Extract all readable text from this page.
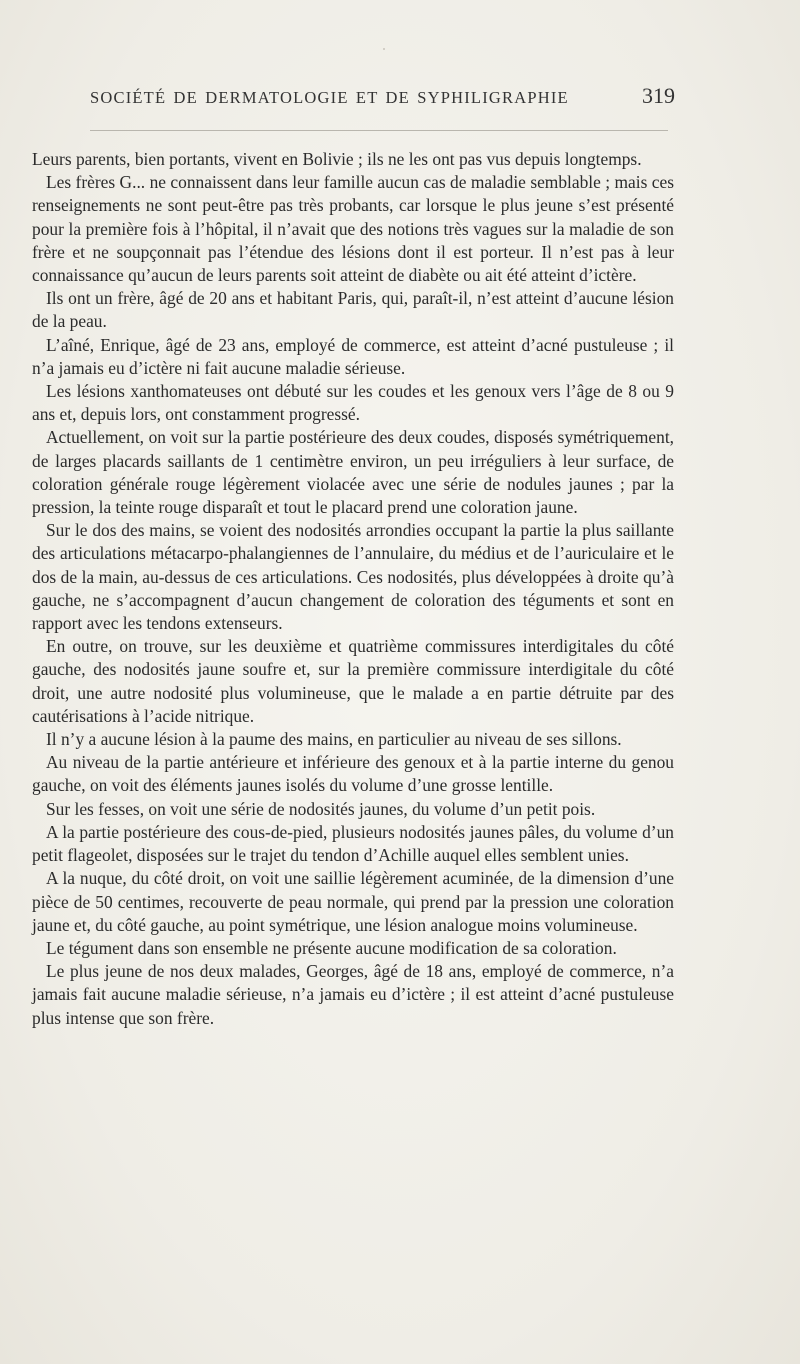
SOCIÉTÉ DE DERMATOLOGIE ET DE SYPHILIGRAPHIE	319

Leurs parents, bien portants, vivent en Bolivie ; ils ne les ont pas vus depuis longtemps.

Les frères G... ne connaissent dans leur famille aucun cas de maladie semblable ; mais ces renseignements ne sont peut-être pas très probants, car lorsque le plus jeune s’est présenté pour la première fois à l’hôpital, il n’avait que des notions très vagues sur la maladie de son frère et ne soupçonnait pas l’étendue des lésions dont il est porteur. Il n’est pas à leur connaissance qu’aucun de leurs parents soit atteint de diabète ou ait été atteint d’ictère.

Ils ont un frère, âgé de 20 ans et habitant Paris, qui, paraît-il, n’est atteint d’aucune lésion de la peau.

L’aîné, Enrique, âgé de 23 ans, employé de commerce, est atteint d’acné pustuleuse ; il n’a jamais eu d’ictère ni fait aucune maladie sérieuse.

Les lésions xanthomateuses ont débuté sur les coudes et les genoux vers l’âge de 8 ou 9 ans et, depuis lors, ont constamment progressé.

Actuellement, on voit sur la partie postérieure des deux coudes, disposés symétriquement, de larges placards saillants de 1 centimètre environ, un peu irréguliers à leur surface, de coloration générale rouge légèrement violacée avec une série de nodules jaunes ; par la pression, la teinte rouge disparaît et tout le placard prend une coloration jaune.

Sur le dos des mains, se voient des nodosités arrondies occupant la partie la plus saillante des articulations métacarpo-phalangiennes de l’annulaire, du médius et de l’auriculaire et le dos de la main, au-dessus de ces articulations. Ces nodosités, plus développées à droite qu’à gauche, ne s’accompagnent d’aucun changement de coloration des téguments et sont en rapport avec les tendons extenseurs.

En outre, on trouve, sur les deuxième et quatrième commissures interdigitales du côté gauche, des nodosités jaune soufre et, sur la première commissure interdigitale du côté droit, une autre nodosité plus volumineuse, que le malade a en partie détruite par des cautérisations à l’acide nitrique.

Il n’y a aucune lésion à la paume des mains, en particulier au niveau de ses sillons.

Au niveau de la partie antérieure et inférieure des genoux et à la partie interne du genou gauche, on voit des éléments jaunes isolés du volume d’une grosse lentille.

Sur les fesses, on voit une série de nodosités jaunes, du volume d’un petit pois.

A la partie postérieure des cous-de-pied, plusieurs nodosités jaunes pâles, du volume d’un petit flageolet, disposées sur le trajet du tendon d’Achille auquel elles semblent unies.

A la nuque, du côté droit, on voit une saillie légèrement acuminée, de la dimension d’une pièce de 50 centimes, recouverte de peau normale, qui prend par la pression une coloration jaune et, du côté gauche, au point symétrique, une lésion analogue moins volumineuse.

Le tégument dans son ensemble ne présente aucune modification de sa coloration.

Le plus jeune de nos deux malades, Georges, âgé de 18 ans, employé de commerce, n’a jamais fait aucune maladie sérieuse, n’a jamais eu d’ictère ; il est atteint d’acné pustuleuse plus intense que son frère.
